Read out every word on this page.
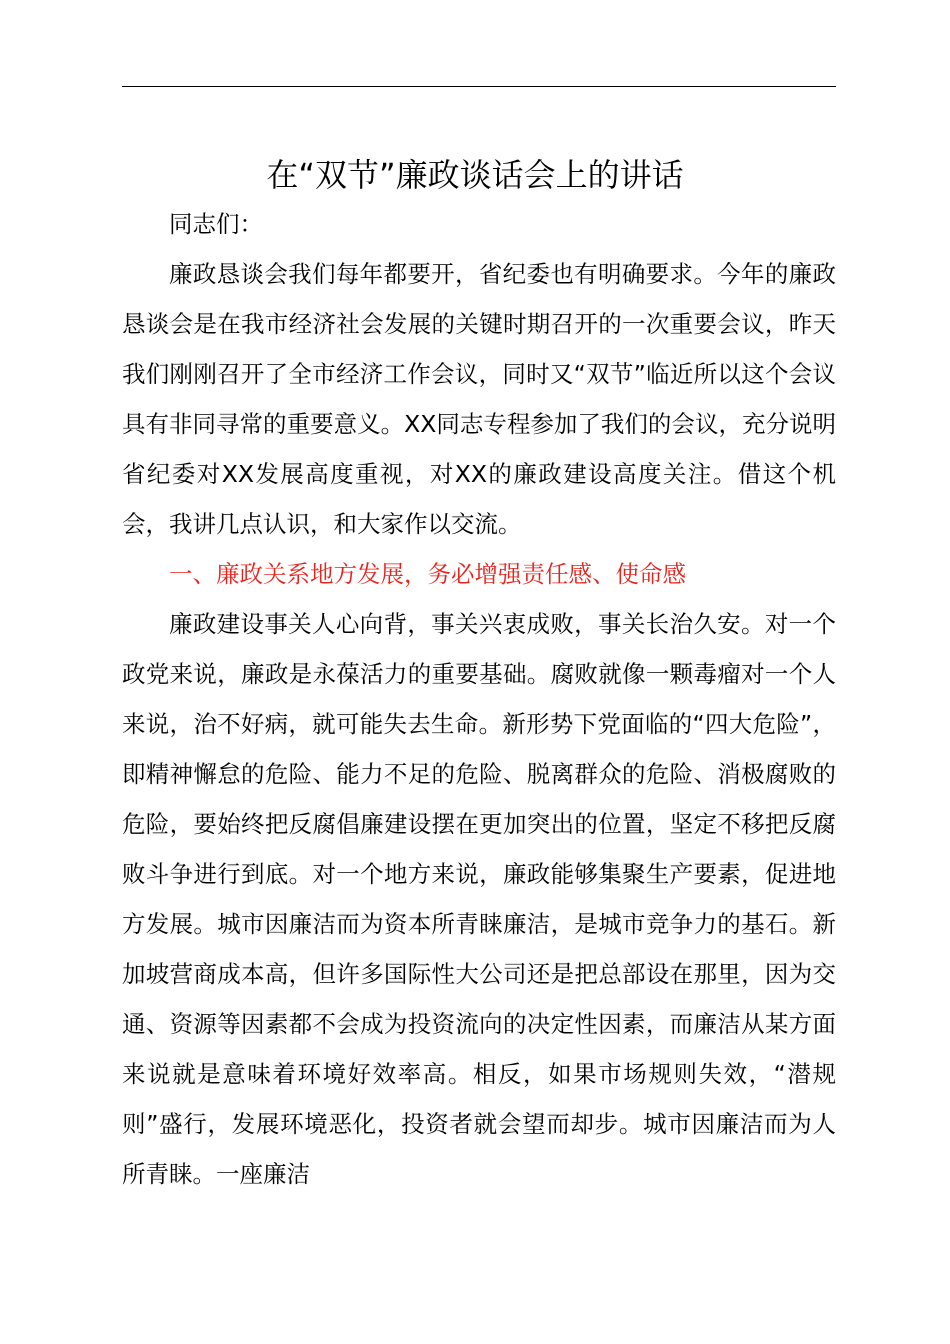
在“双节”廉政谈话会上的讲话

同志们：

廉政恳谈会我们每年都要开，省纪委也有明确要求。今年的廉政恳谈会是在我市经济社会发展的关键时期召开的一次重要会议，昨天我们刚刚召开了全市经济工作会议，同时又“双节”临近所以这个会议具有非同寻常的重要意义。XX同志专程参加了我们的会议，充分说明省纪委对XX发展高度重视，对XX的廉政建设高度关注。借这个机会，我讲几点认识，和大家作以交流。

一、廉政关系地方发展，务必增强责任感、使命感

廉政建设事关人心向背，事关兴衷成败，事关长治久安。对一个政党来说，廉政是永葆活力的重要基础。腐败就像一颗毒瘤对一个人来说，治不好病，就可能失去生命。新形势下党面临的“四大危险”，即精神懈怠的危险、能力不足的危险、脱离群众的危险、消极腐败的危险，要始终把反腐倡廉建设摆在更加突出的位置，坚定不移把反腐败斗争进行到底。对一个地方来说，廉政能够集聚生产要素，促进地方发展。城市因廉洁而为资本所青睐廉洁，是城市竞争力的基石。新加坡营商成本高，但许多国际性大公司还是把总部设在那里，因为交通、资源等因素都不会成为投资流向的决定性因素，而廉洁从某方面来说就是意味着环境好效率高。相反，如果市场规则失效，“潜规则”盛行，发展环境恶化，投资者就会望而却步。城市因廉洁而为人所青睐。一座廉洁
